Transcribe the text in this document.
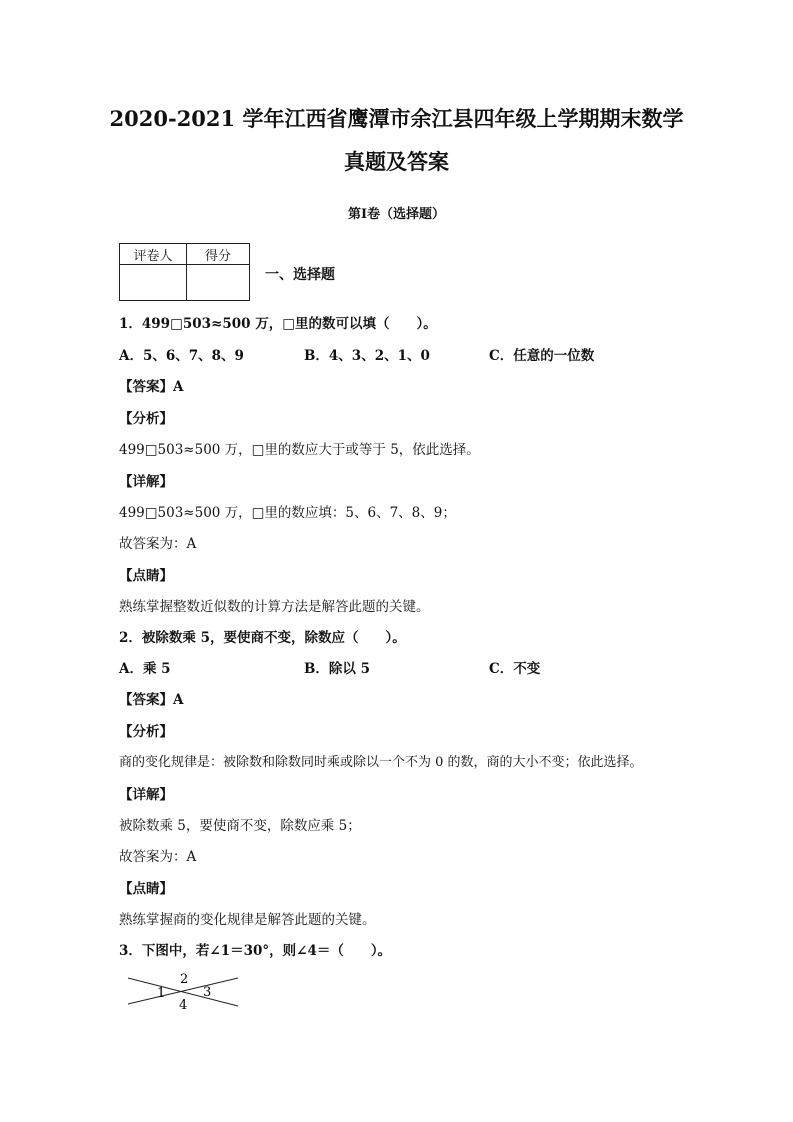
2020-2021 学年江西省鹰潭市余江县四年级上学期期末数学
真题及答案
第Ⅰ卷（选择题）
评卷人	得分

一、选择题
1．499□503≈500 万，□里的数可以填（　　）。
A．5、6、7、8、9	B．4、3、2、1、0	C．任意的一位数
【答案】A
【分析】
499□503≈500 万，□里的数应大于或等于 5，依此选择。
【详解】
499□503≈500 万，□里的数应填：5、6、7、8、9；
故答案为：A
【点睛】
熟练掌握整数近似数的计算方法是解答此题的关键。
2．被除数乘 5，要使商不变，除数应（　　）。
A．乘 5	B．除以 5	C．不变
【答案】A
【分析】
商的变化规律是：被除数和除数同时乘或除以一个不为 0 的数，商的大小不变；依此选择。
【详解】
被除数乘 5，要使商不变，除数应乘 5；
故答案为：A
【点睛】
熟练掌握商的变化规律是解答此题的关键。
3．下图中，若∠1＝30°，则∠4＝（　　）。
1
2
3
4
